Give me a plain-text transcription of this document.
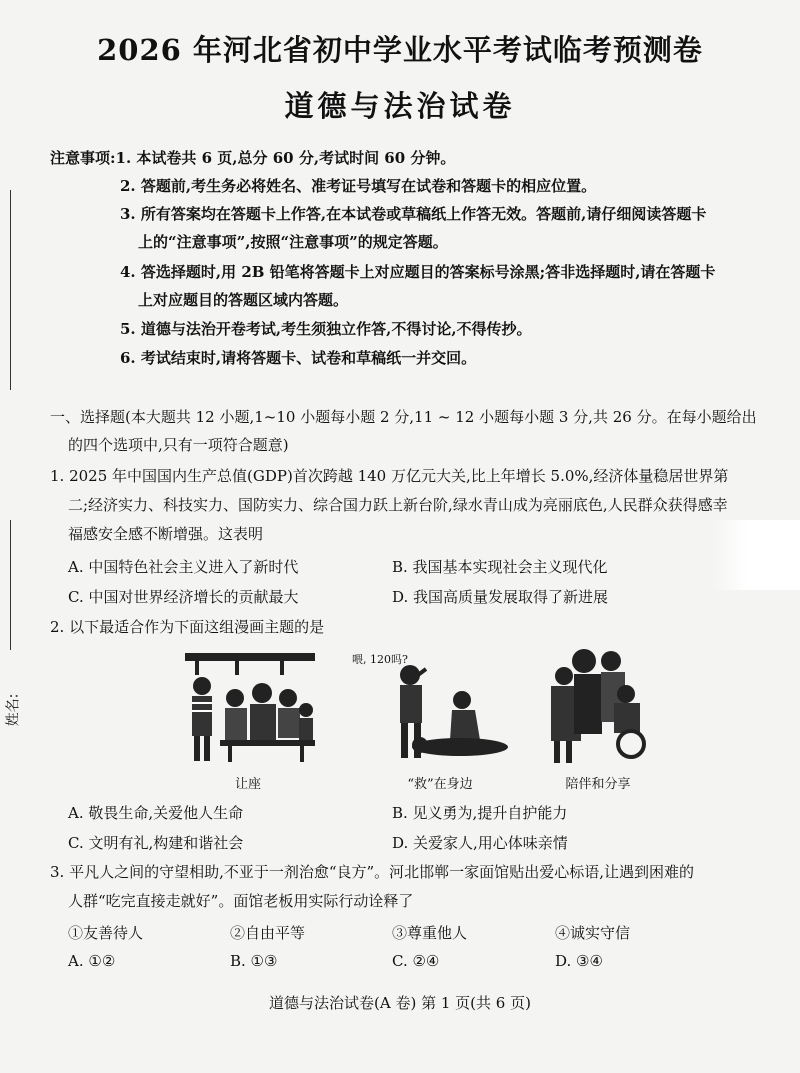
姓名:
2026 年河北省初中学业水平考试临考预测卷
道德与法治试卷
注意事项:1. 本试卷共 6 页,总分 60 分,考试时间 60 分钟。
2. 答题前,考生务必将姓名、准考证号填写在试卷和答题卡的相应位置。
3. 所有答案均在答题卡上作答,在本试卷或草稿纸上作答无效。答题前,请仔细阅读答题卡
上的“注意事项”,按照“注意事项”的规定答题。
4. 答选择题时,用 2B 铅笔将答题卡上对应题目的答案标号涂黑;答非选择题时,请在答题卡
上对应题目的答题区域内答题。
5. 道德与法治开卷考试,考生须独立作答,不得讨论,不得传抄。
6. 考试结束时,请将答题卡、试卷和草稿纸一并交回。
一、选择题(本大题共 12 小题,1~10 小题每小题 2 分,11 ~ 12 小题每小题 3 分,共 26 分。在每小题给出
的四个选项中,只有一项符合题意)
1. 2025 年中国国内生产总值(GDP)首次跨越 140 万亿元大关,比上年增长 5.0%,经济体量稳居世界第
二;经济实力、科技实力、国防实力、综合国力跃上新台阶,绿水青山成为亮丽底色,人民群众获得感幸
福感安全感不断增强。这表明
A. 中国特色社会主义进入了新时代	B. 我国基本实现社会主义现代化
C. 中国对世界经济增长的贡献最大	D. 我国高质量发展取得了新进展
2. 以下最适合作为下面这组漫画主题的是
喂, 120吗?
让座	“救”在身边	陪伴和分享
A. 敬畏生命,关爱他人生命	B. 见义勇为,提升自护能力
C. 文明有礼,构建和谐社会	D. 关爱家人,用心体味亲情
3. 平凡人之间的守望相助,不亚于一剂治愈“良方”。河北邯郸一家面馆贴出爱心标语,让遇到困难的
人群“吃完直接走就好”。面馆老板用实际行动诠释了
①友善待人	②自由平等	③尊重他人	④诚实守信
A. ①②	B. ①③	C. ②④	D. ③④
道德与法治试卷(A 卷) 第 1 页(共 6 页)
